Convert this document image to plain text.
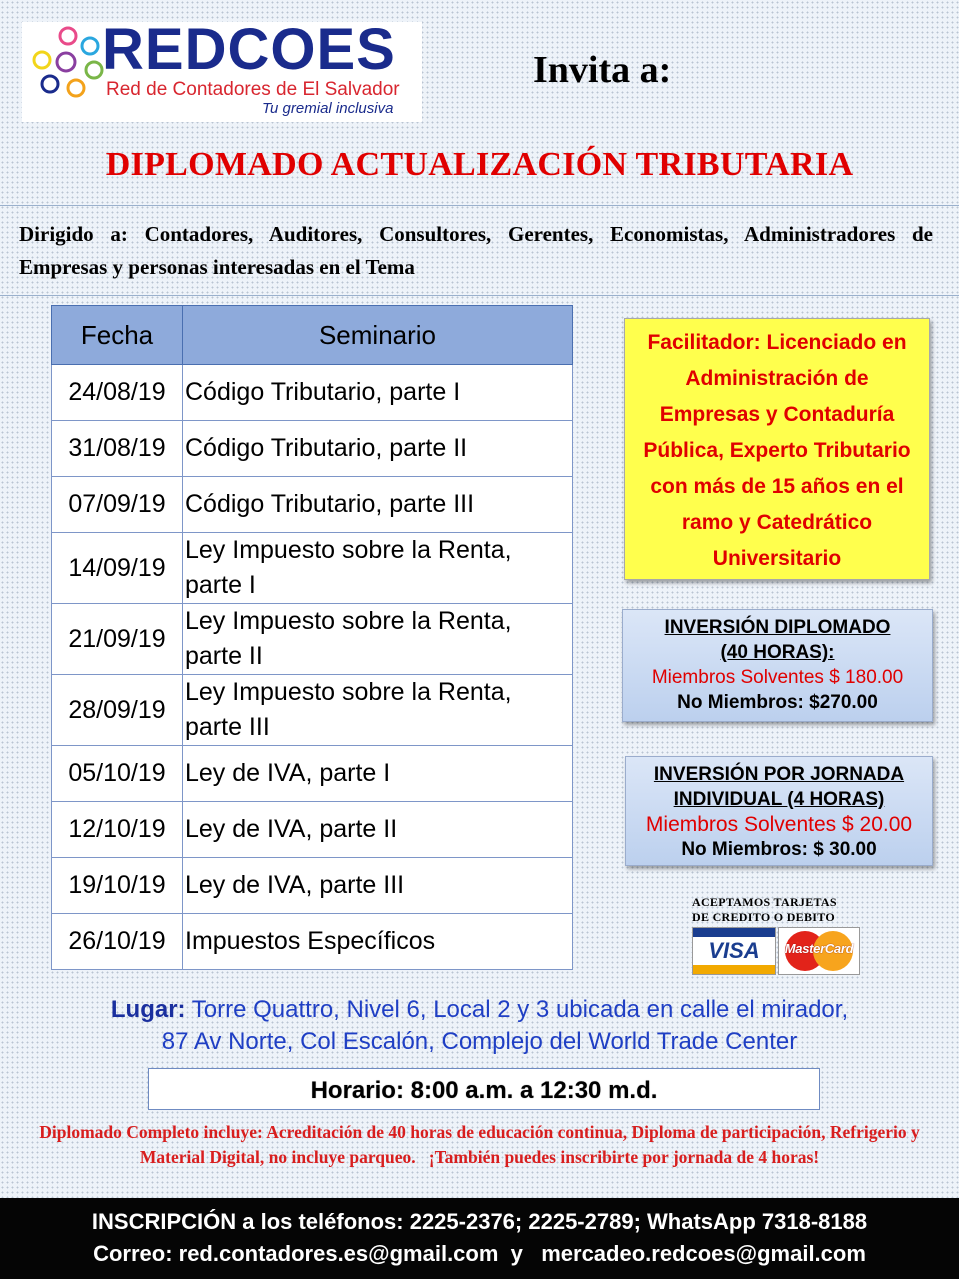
REDCOES
Red de Contadores de El Salvador
Tu gremial inclusiva
Invita a:
DIPLOMADO ACTUALIZACIÓN TRIBUTARIA
Dirigido a: Contadores, Auditores, Consultores, Gerentes, Economistas, Administradores de Empresas y personas interesadas en el Tema
Fecha	Seminario
24/08/19	Código Tributario, parte I
31/08/19	Código Tributario, parte II
07/09/19	Código Tributario, parte III
14/09/19	Ley Impuesto sobre la Renta, parte I
21/09/19	Ley Impuesto sobre la Renta, parte II
28/09/19	Ley Impuesto sobre la Renta, parte III
05/10/19	Ley de IVA, parte I
12/10/19	Ley de IVA, parte II
19/10/19	Ley de IVA, parte III
26/10/19	Impuestos Específicos
Facilitador: Licenciado en Administración de Empresas y Contaduría Pública, Experto Tributario con más de 15 años en el ramo y Catedrático Universitario
INVERSIÓN DIPLOMADO (40 HORAS):
Miembros Solventes $ 180.00
No Miembros: $270.00
INVERSIÓN POR JORNADA INDIVIDUAL (4 HORAS)
Miembros Solventes $ 20.00
No Miembros: $ 30.00
ACEPTAMOS TARJETAS
DE CREDITO O DEBITO
VISA	MasterCard
Lugar: Torre Quattro, Nivel 6, Local 2 y 3 ubicada en calle el mirador,
87 Av Norte, Col Escalón, Complejo del World Trade Center
Horario: 8:00 a.m. a 12:30 m.d.
Diplomado Completo incluye: Acreditación de 40 horas de educación continua, Diploma de participación, Refrigerio y Material Digital, no incluye parqueo.   ¡También puedes inscribirte por jornada de 4 horas!
INSCRIPCIÓN a los teléfonos: 2225-2376; 2225-2789; WhatsApp 7318-8188
Correo: red.contadores.es@gmail.com  y   mercadeo.redcoes@gmail.com
